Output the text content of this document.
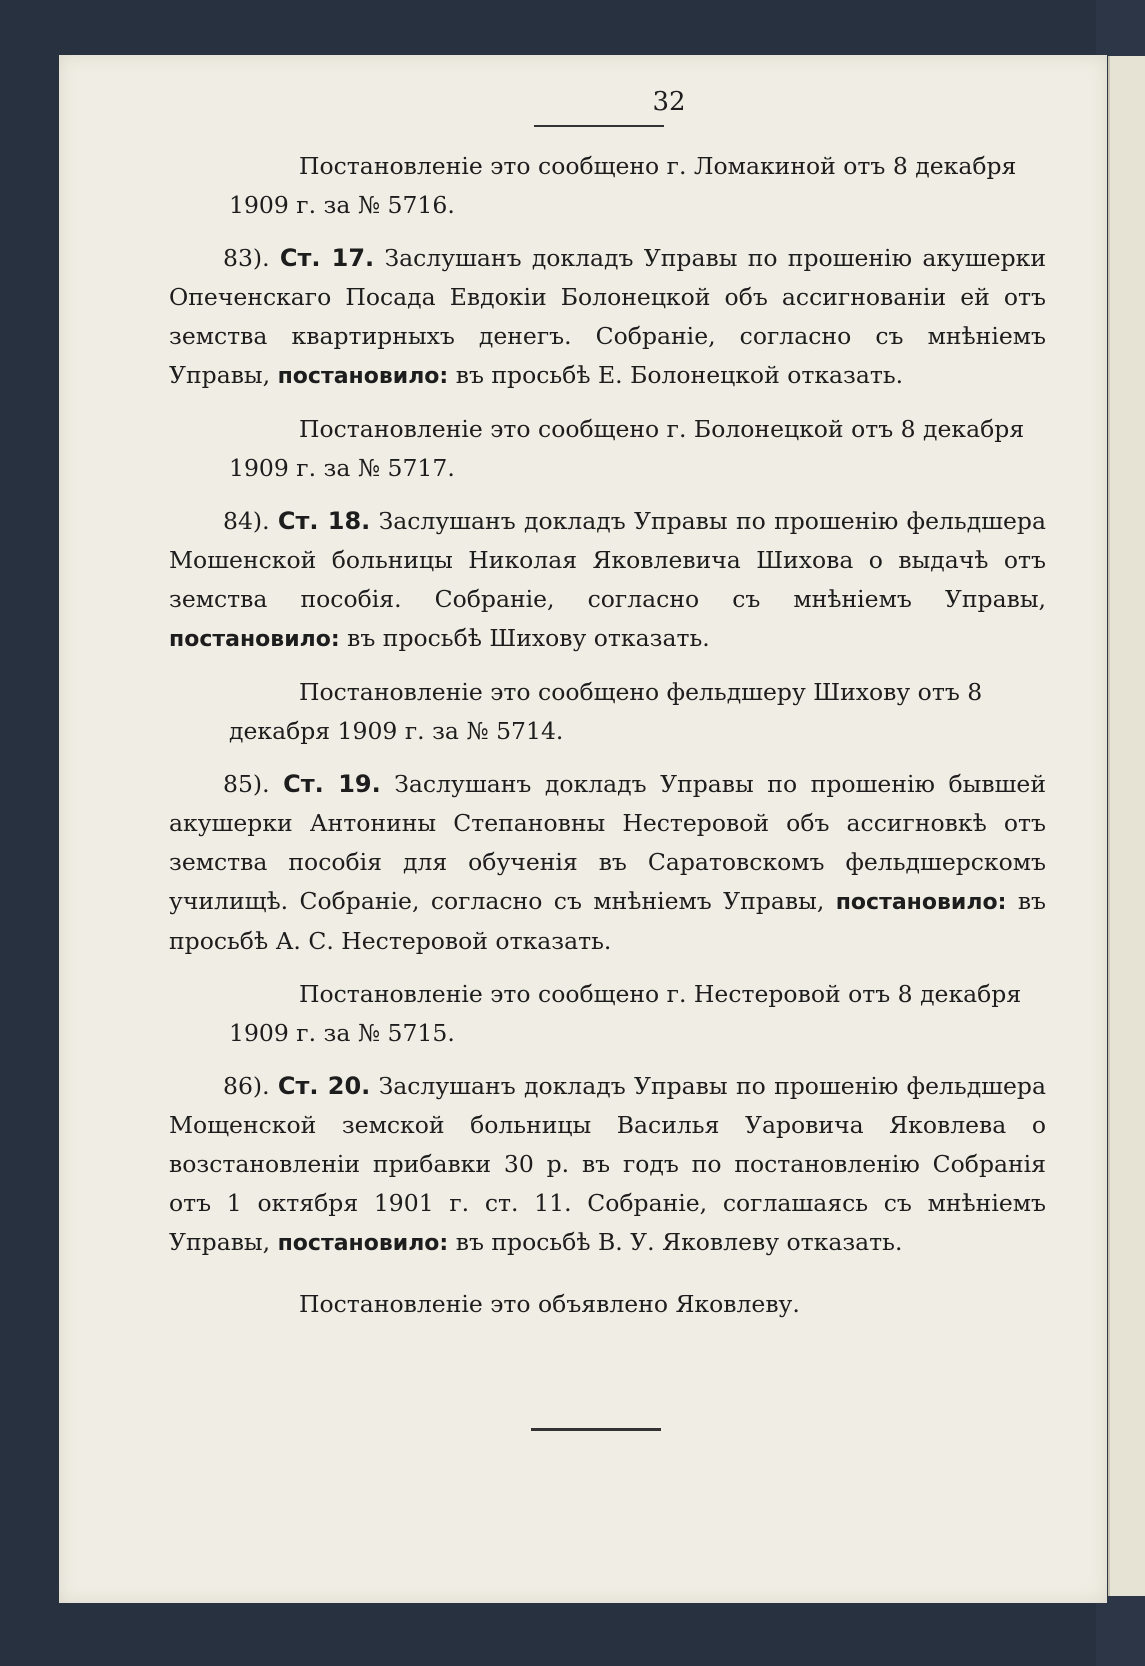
32

Постановленіе это сообщено г. Ломакиной отъ 8 декабря
1909 г. за № 5716.

83). Ст. 17. Заслушанъ докладъ Управы по прошенію акушерки Опеченскаго Посада Евдокіи Болонецкой объ ассигнованіи ей отъ земства квартирныхъ денегъ. Собраніе, согласно съ мнѣніемъ Управы, постановило: въ просьбѣ Е. Болонецкой отказать.

Постановленіе это сообщено г. Болонецкой отъ 8 декабря
1909 г. за № 5717.

84). Ст. 18. Заслушанъ докладъ Управы по прошенію фельдшера Мошенской больницы Николая Яковлевича Шихова о выдачѣ отъ земства пособія. Собраніе, согласно съ мнѣніемъ Управы, постановило: въ просьбѣ Шихову отказать.

Постановленіе это сообщено фельдшеру Шихову отъ 8
декабря 1909 г. за № 5714.

85). Ст. 19. Заслушанъ докладъ Управы по прошенію бывшей акушерки Антонины Степановны Нестеровой объ ассигновкѣ отъ земства пособія для обученія въ Саратовскомъ фельдшерскомъ училищѣ. Собраніе, согласно съ мнѣніемъ Управы, постановило: въ просьбѣ А. С. Нестеровой отказать.

Постановленіе это сообщено г. Нестеровой отъ 8 декабря
1909 г. за № 5715.

86). Ст. 20. Заслушанъ докладъ Управы по прошенію фельдшера Мощенской земской больницы Василья Уаровича Яковлева о возстановленіи прибавки 30 р. въ годъ по постановленію Собранія отъ 1 октября 1901 г. ст. 11. Собраніе, соглашаясь съ мнѣніемъ Управы, постановило: въ просьбѣ В. У. Яковлеву отказать.

Постановленіе это объявлено Яковлеву.
